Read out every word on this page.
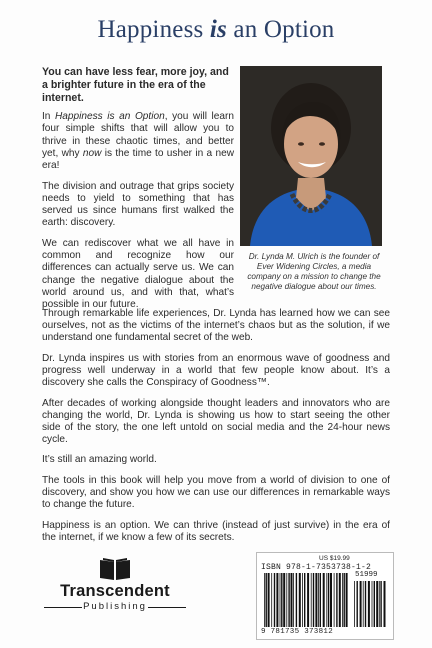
Happiness is an Option

You can have less fear, more joy, and a brighter future in the era of the internet.

In Happiness is an Option, you will learn four simple shifts that will allow you to thrive in these chaotic times, and better yet, why now is the time to usher in a new era!

The division and outrage that grips society needs to yield to something that has served us since humans first walked the earth: discovery.

We can rediscover what we all have in common and recognize how our differences can actually serve us. We can change the negative dialogue about the world around us, and with that, what’s possible in our future.

Dr. Lynda M. Ulrich is the founder of Ever Widening Circles, a media company on a mission to change the negative dialogue about our times.

Through remarkable life experiences, Dr. Lynda has learned how we can see ourselves, not as the victims of the internet’s chaos but as the solution, if we understand one fundamental secret of the web.

Dr. Lynda inspires us with stories from an enormous wave of goodness and progress well underway in a world that few people know about. It’s a discovery she calls the Conspiracy of Goodness™.

After decades of working alongside thought leaders and innovators who are changing the world, Dr. Lynda is showing us how to start seeing the other side of the story, the one left untold on social media and the 24-hour news cycle.

It’s still an amazing world.

The tools in this book will help you move from a world of division to one of discovery, and show you how we can use our differences in remarkable ways to change the future.

Happiness is an option. We can thrive (instead of just survive) in the era of the internet, if we know a few of its secrets.

Transcendent
Publishing
US $19.99
ISBN 978-1-7353738-1-2
51999
9 781735 373812
